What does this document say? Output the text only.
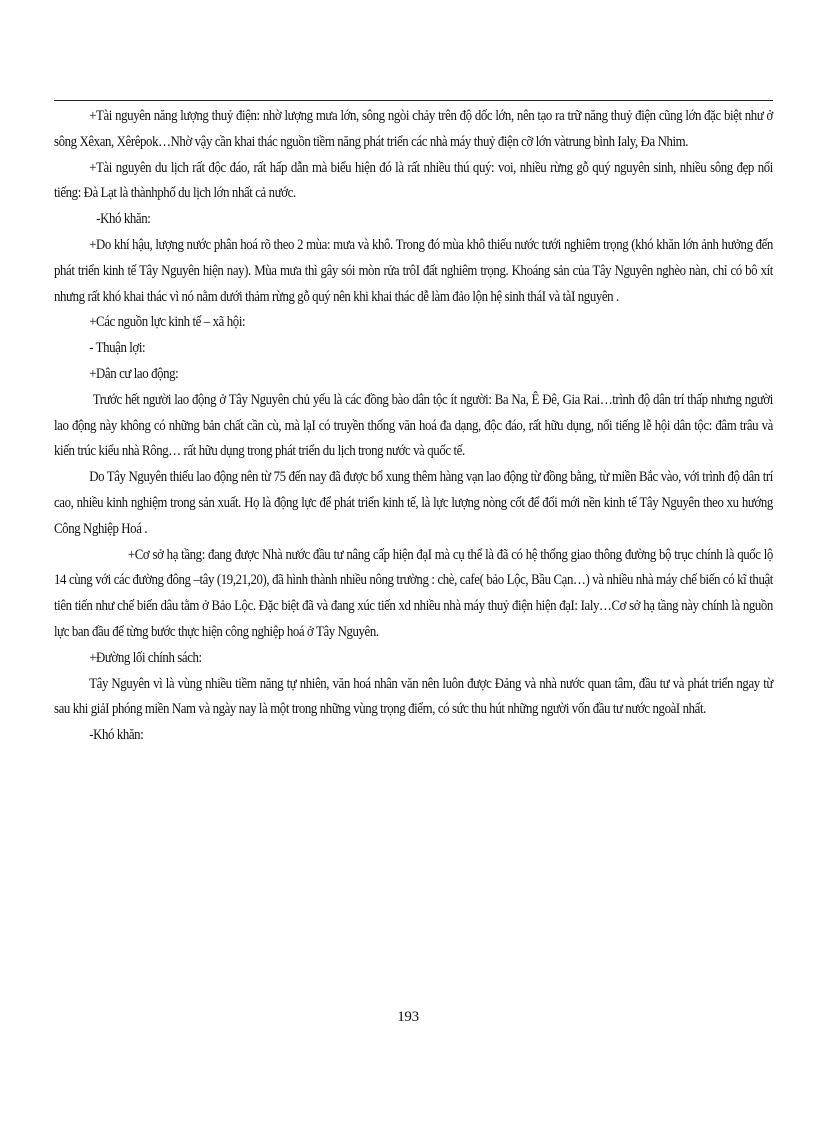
+Tài nguyên năng lượng thuỷ điện: nhờ lượng mưa lớn, sông ngòi chảy trên độ dốc lớn, nên tạo ra trữ năng thuỷ điện cũng lớn đặc biệt như ở sông Xêxan, Xêrêpok…Nhờ vậy cần khai thác nguồn tiềm năng phát triển các nhà máy thuỷ điện cỡ lớn vàtrung bình Ialy, Đa Nhim.

+Tài nguyên du lịch rất độc đáo, rất hấp dẫn mà biểu hiện đó là rất nhiều thú quý: voi, nhiều rừng gỗ quý nguyên sinh, nhiều sông đẹp nổi tiếng: Đà Lạt là thànhphố du lịch lớn nhất cả nước.

-Khó khăn:

+Do khí hậu, lượng nước phân hoá rõ theo 2 mùa: mưa và khô. Trong đó mùa khô thiếu nước tưới nghiêm trọng (khó khăn lớn ảnh hưởng đến phát triển kinh tế Tây Nguyên hiện nay). Mùa mưa thì gây sói mòn rửa trôI đất nghiêm trọng. Khoáng sản của Tây Nguyên nghèo nàn, chỉ có bô xít nhưng rất khó khai thác vì nó nằm dưới thảm rừng gỗ quý nên khi khai thác dễ làm đảo lộn hệ sinh tháI và tàI nguyên .

+Các nguồn lực kinh tế – xã hội:

- Thuận lợi:

+Dân cư lao động:

Trước hết người lao động ở Tây Nguyên chủ yếu là các đồng bào dân tộc ít người: Ba Na, Ê Đê, Gia Rai…trình độ dân trí thấp nhưng người lao động này không có những bản chất cần cù, mà lạI có truyền thống văn hoá đa dạng, độc đáo, rất hữu dụng, nổi tiếng lễ hội dân tộc: đâm trâu và kiến trúc kiểu nhà Rông… rất hữu dụng trong phát triển du lịch trong nước và quốc tế.

Do Tây Nguyên thiếu lao động nên từ 75 đến nay đã được bổ xung thêm hàng vạn lao động từ đồng bằng, từ miền Bắc vào, với trình độ dân trí cao, nhiều kinh nghiệm trong sản xuất. Họ là động lực để phát triển kinh tế, là lực lượng nòng cốt để đổi mới nền kinh tế Tây Nguyên theo xu hướng Công Nghiệp Hoá .

+Cơ sở hạ tầng: đang được Nhà nước đầu tư nâng cấp hiện đạI mà cụ thể là đã có hệ thống giao thông đường bộ trục chính là quốc lộ 14 cùng với các đường đông –tây (19,21,20), đã hình thành nhiều nông trường : chè, cafe( bảo Lộc, Bầu Cạn…) và nhiều nhà máy chế biến có kĩ thuật tiên tiến như chế biến dâu tằm ở Bảo Lộc. Đặc biệt đã và đang xúc tiến xd nhiều nhà máy thuỷ điện hiện đạI: Ialy…Cơ sở hạ tầng này chính là nguồn lực ban đầu để từng bước thực hiện công nghiệp hoá ở Tây Nguyên.

+Đường lối chính sách:

Tây Nguyên vì là vùng nhiều tiềm năng tự nhiên, văn hoá nhân văn nên luôn được Đảng và nhà nước quan tâm, đầu tư và phát triển ngay từ sau khi giảI phóng miền Nam và ngày nay là một trong những vùng trọng điểm, có sức thu hút những người vốn đầu tư nước ngoàI nhất.

-Khó khăn:

193
